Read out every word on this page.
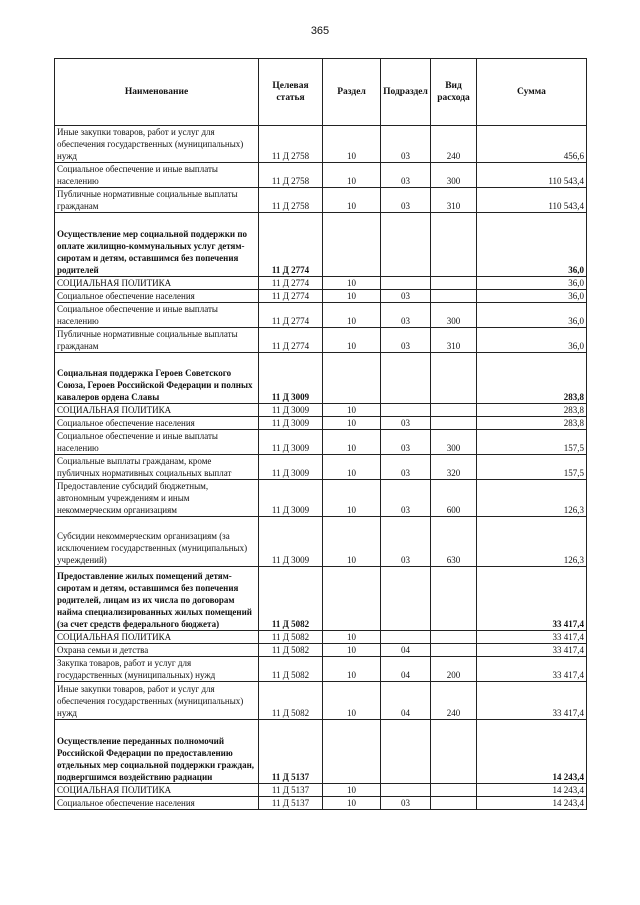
365
Наименование	Целевая статья	Раздел	Подраздел	Вид расхода	Сумма
Иные закупки товаров, работ и услуг для обеспечения государственных (муниципальных) нужд	11 Д 2758	10	03	240	456,6
Социальное обеспечение и иные выплаты населению	11 Д 2758	10	03	300	110 543,4
Публичные нормативные социальные выплаты гражданам	11 Д 2758	10	03	310	110 543,4
Осуществление мер социальной поддержки по оплате жилищно-коммунальных услуг детям-сиротам и детям, оставшимся без попечения родителей	11 Д 2774				36,0
СОЦИАЛЬНАЯ ПОЛИТИКА	11 Д 2774	10			36,0
Социальное обеспечение населения	11 Д 2774	10	03		36,0
Социальное обеспечение и иные выплаты населению	11 Д 2774	10	03	300	36,0
Публичные нормативные социальные выплаты гражданам	11 Д 2774	10	03	310	36,0
Социальная поддержка Героев Советского Союза, Героев Российской Федерации и полных кавалеров ордена Славы	11 Д 3009				283,8
СОЦИАЛЬНАЯ ПОЛИТИКА	11 Д 3009	10			283,8
Социальное обеспечение населения	11 Д 3009	10	03		283,8
Социальное обеспечение и иные выплаты населению	11 Д 3009	10	03	300	157,5
Социальные выплаты гражданам, кроме публичных нормативных социальных выплат	11 Д 3009	10	03	320	157,5
Предоставление субсидий бюджетным, автономным учреждениям и иным некоммерческим организациям	11 Д 3009	10	03	600	126,3
Субсидии некоммерческим организациям (за исключением государственных (муниципальных) учреждений)	11 Д 3009	10	03	630	126,3
Предоставление жилых помещений детям-сиротам и детям, оставшимся без попечения родителей, лицам из их числа по договорам найма специализированных жилых помещений (за счет средств федерального бюджета)	11 Д 5082				33 417,4
СОЦИАЛЬНАЯ ПОЛИТИКА	11 Д 5082	10			33 417,4
Охрана семьи и детства	11 Д 5082	10	04		33 417,4
Закупка товаров, работ и услуг для государственных (муниципальных) нужд	11 Д 5082	10	04	200	33 417,4
Иные закупки товаров, работ и услуг для обеспечения государственных (муниципальных) нужд	11 Д 5082	10	04	240	33 417,4
Осуществление переданных полномочий Российской Федерации по предоставлению отдельных мер социальной поддержки граждан, подвергшимся воздействию радиации	11 Д 5137				14 243,4
СОЦИАЛЬНАЯ ПОЛИТИКА	11 Д 5137	10			14 243,4
Социальное обеспечение населения	11 Д 5137	10	03		14 243,4
